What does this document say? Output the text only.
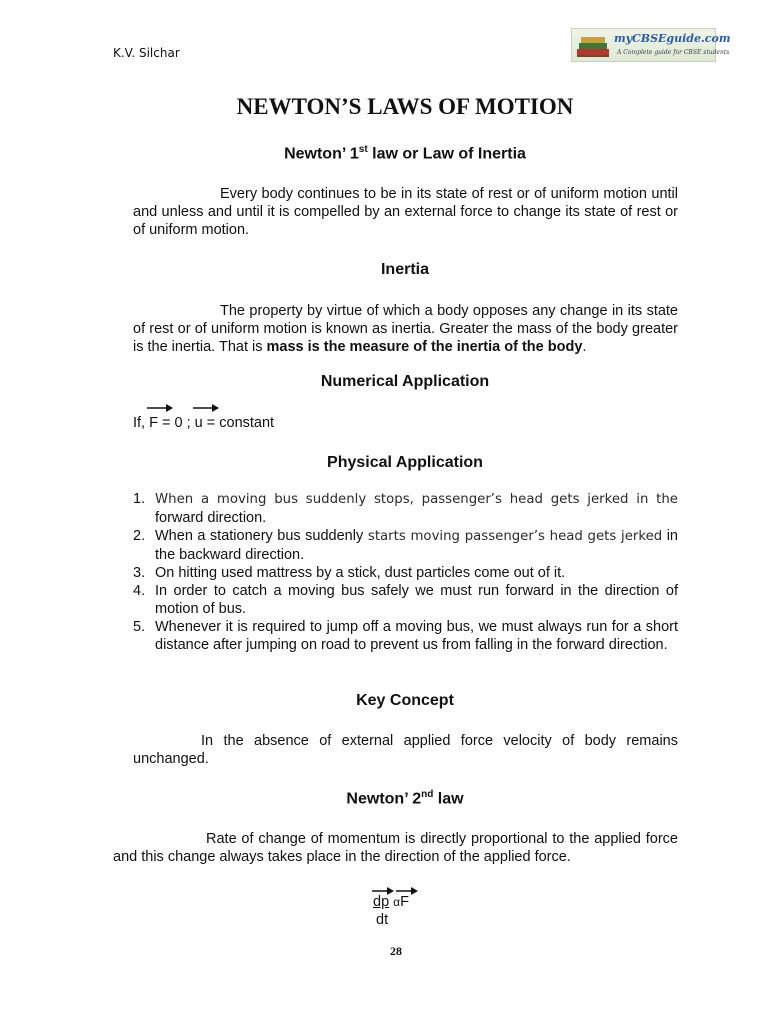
K.V. Silchar
myCBSEguide.com
A Complete guide for CBSE students
NEWTON’S LAWS OF MOTION
Newton’ 1st law or Law of Inertia
Every body continues to be in its state of rest or of uniform motion until and unless and until it is compelled by an external force to change its state of rest or of uniform motion.
Inertia
The property by virtue of which a body opposes any change in its state of rest or of uniform motion is known as inertia. Greater the mass of the body greater is the inertia. That is mass is the measure of the inertia of the body.
Numerical Application
If, F = 0 ;
u = constant
Physical Application
1. When a moving bus suddenly stops, passenger’s head gets jerked in the forward direction.
2. When a stationery bus suddenly starts moving passenger’s head gets jerked in the backward direction.
3. On hitting used mattress by a stick, dust particles come out of it.
4. In order to catch a moving bus safely we must run forward in the direction of motion of bus.
5. Whenever it is required to jump off a moving bus, we must always run for a short distance after jumping on road to prevent us from falling in the forward direction.
Key Concept
In the absence of external applied force velocity of body remains unchanged.
Newton’ 2nd law
Rate of change of momentum is directly proportional to the applied force and this change always takes place in the direction of the applied force.
dp α
F
dt
28
